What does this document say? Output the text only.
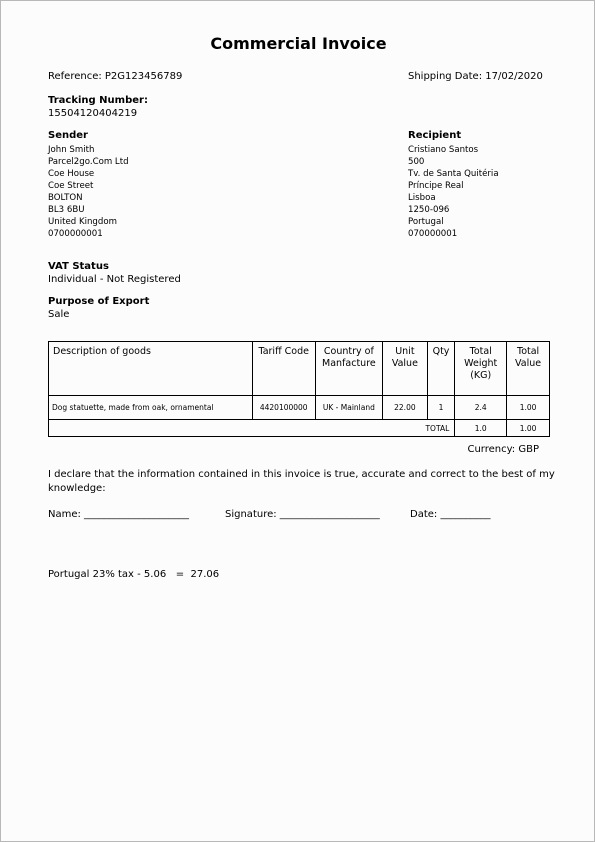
Commercial Invoice
Reference: P2G123456789	Shipping Date: 17/02/2020
Tracking Number:
15504120404219
Sender
John Smith
Parcel2go.Com Ltd
Coe House
Coe Street
BOLTON
BL3 6BU
United Kingdom
0700000001
Recipient
Cristiano Santos
500
Tv. de Santa Quitéria
Príncipe Real
Lisboa
1250-096
Portugal
070000001
VAT Status
Individual - Not Registered
Purpose of Export
Sale
Description of goods	Tariff Code	Country of Manfacture	Unit Value	Qty	Total Weight (KG)	Total Value
Dog statuette, made from oak, ornamental	4420100000	UK - Mainland	22.00	1	2.4	1.00
TOTAL					1.0	1.00
Currency: GBP
I declare that the information contained in this invoice is true, accurate and correct to the best of my knowledge:
Name: _____________________	Signature: ____________________	Date: __________
Portugal 23% tax - 5.06   =  27.06
